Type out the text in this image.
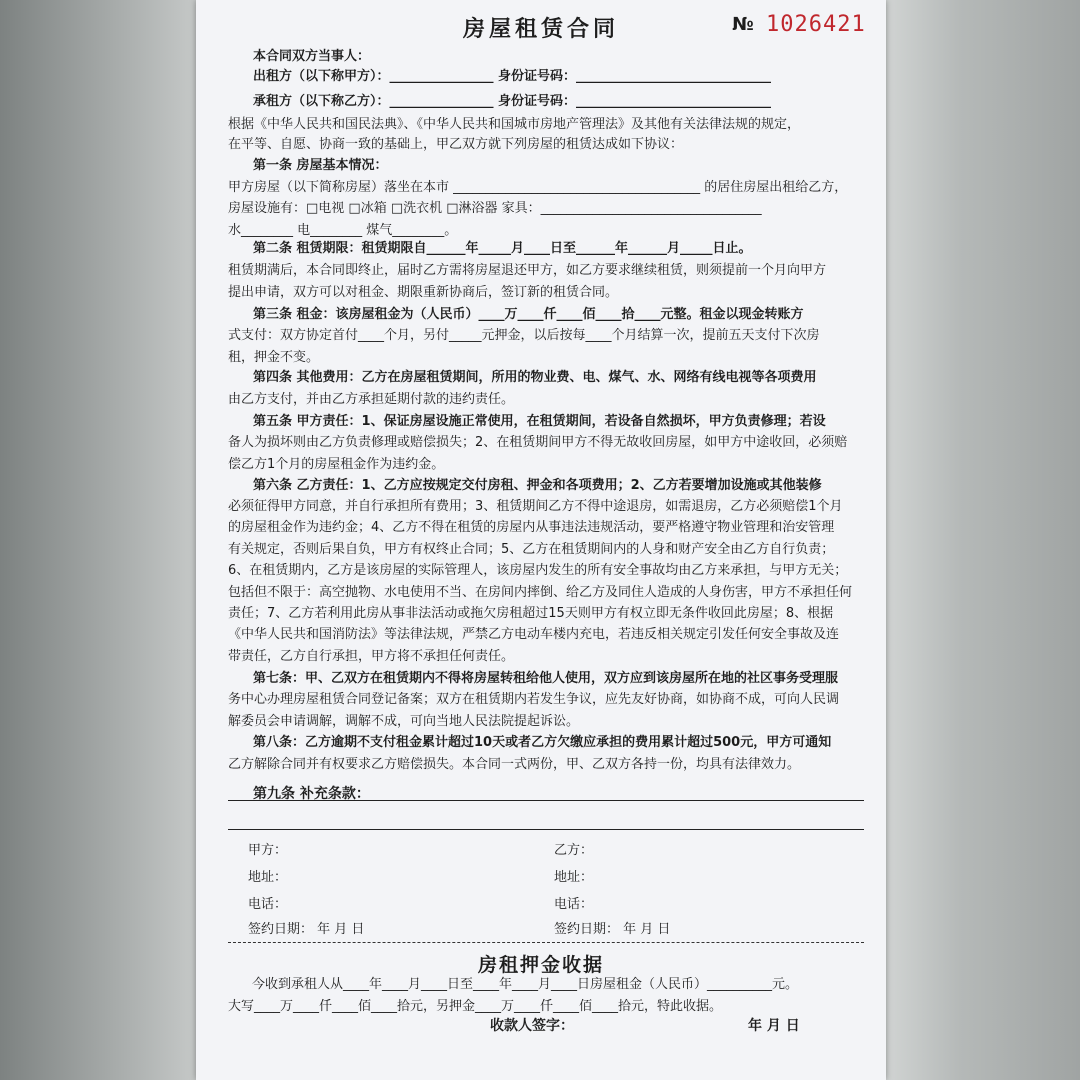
房屋租赁合同	№ 1026421
本合同双方当事人：
出租方（以下称甲方）：________________ 身份证号码：______________________________
承租方（以下称乙方）：________________ 身份证号码：______________________________
根据《中华人民共和国民法典》、《中华人民共和国城市房地产管理法》及其他有关法律法规的规定，
在平等、自愿、协商一致的基础上，甲乙双方就下列房屋的租赁达成如下协议：
第一条 房屋基本情况：
甲方房屋（以下简称房屋）落坐在本市 ______________________________________ 的居住房屋出租给乙方，
房屋设施有：□电视 □冰箱 □洗衣机 □淋浴器 家具：__________________________________
水________ 电________ 煤气________。
第二条 租赁期限：租赁期限自______年_____月____日至______年______月_____日止。
租赁期满后，本合同即终止，届时乙方需将房屋退还甲方，如乙方要求继续租赁，则须提前一个月向甲方
提出申请，双方可以对租金、期限重新协商后，签订新的租赁合同。
第三条 租金：该房屋租金为（人民币）____万____仟____佰____拾____元整。租金以现金转账方
式支付：双方协定首付____个月，另付_____元押金，以后按每____个月结算一次，提前五天支付下次房
租，押金不变。
第四条 其他费用：乙方在房屋租赁期间，所用的物业费、电、煤气、水、网络有线电视等各项费用
由乙方支付，并由乙方承担延期付款的违约责任。
第五条 甲方责任：1、保证房屋设施正常使用，在租赁期间，若设备自然损坏，甲方负责修理；若设
备人为损坏则由乙方负责修理或赔偿损失；2、在租赁期间甲方不得无故收回房屋，如甲方中途收回，必须赔
偿乙方1个月的房屋租金作为违约金。
第六条 乙方责任：1、乙方应按规定交付房租、押金和各项费用；2、乙方若要增加设施或其他装修
必须征得甲方同意，并自行承担所有费用；3、租赁期间乙方不得中途退房，如需退房，乙方必须赔偿1个月
的房屋租金作为违约金；4、乙方不得在租赁的房屋内从事违法违规活动，要严格遵守物业管理和治安管理
有关规定，否则后果自负，甲方有权终止合同；5、乙方在租赁期间内的人身和财产安全由乙方自行负责；
6、在租赁期内，乙方是该房屋的实际管理人，该房屋内发生的所有安全事故均由乙方来承担，与甲方无关；
包括但不限于：高空抛物、水电使用不当、在房间内摔倒、给乙方及同住人造成的人身伤害，甲方不承担任何
责任；7、乙方若利用此房从事非法活动或拖欠房租超过15天则甲方有权立即无条件收回此房屋；8、根据
《中华人民共和国消防法》等法律法规，严禁乙方电动车楼内充电，若违反相关规定引发任何安全事故及连
带责任，乙方自行承担，甲方将不承担任何责任。
第七条：甲、乙双方在租赁期内不得将房屋转租给他人使用，双方应到该房屋所在地的社区事务受理服
务中心办理房屋租赁合同登记备案；双方在租赁期内若发生争议，应先友好协商，如协商不成，可向人民调
解委员会申请调解，调解不成，可向当地人民法院提起诉讼。
第八条：乙方逾期不支付租金累计超过10天或者乙方欠缴应承担的费用累计超过500元，甲方可通知
乙方解除合同并有权要求乙方赔偿损失。本合同一式两份，甲、乙双方各持一份，均具有法律效力。
第九条 补充条款：
甲方：	乙方：
地址：	地址：
电话：	电话：
签约日期： 年 月 日	签约日期： 年 月 日
房租押金收据
今收到承租人从____年____月____日至____年____月____日房屋租金（人民币）__________元。
大写____万____仟____佰____拾元，另押金____万____仟____佰____拾元，特此收据。
收款人签字：	年 月 日
